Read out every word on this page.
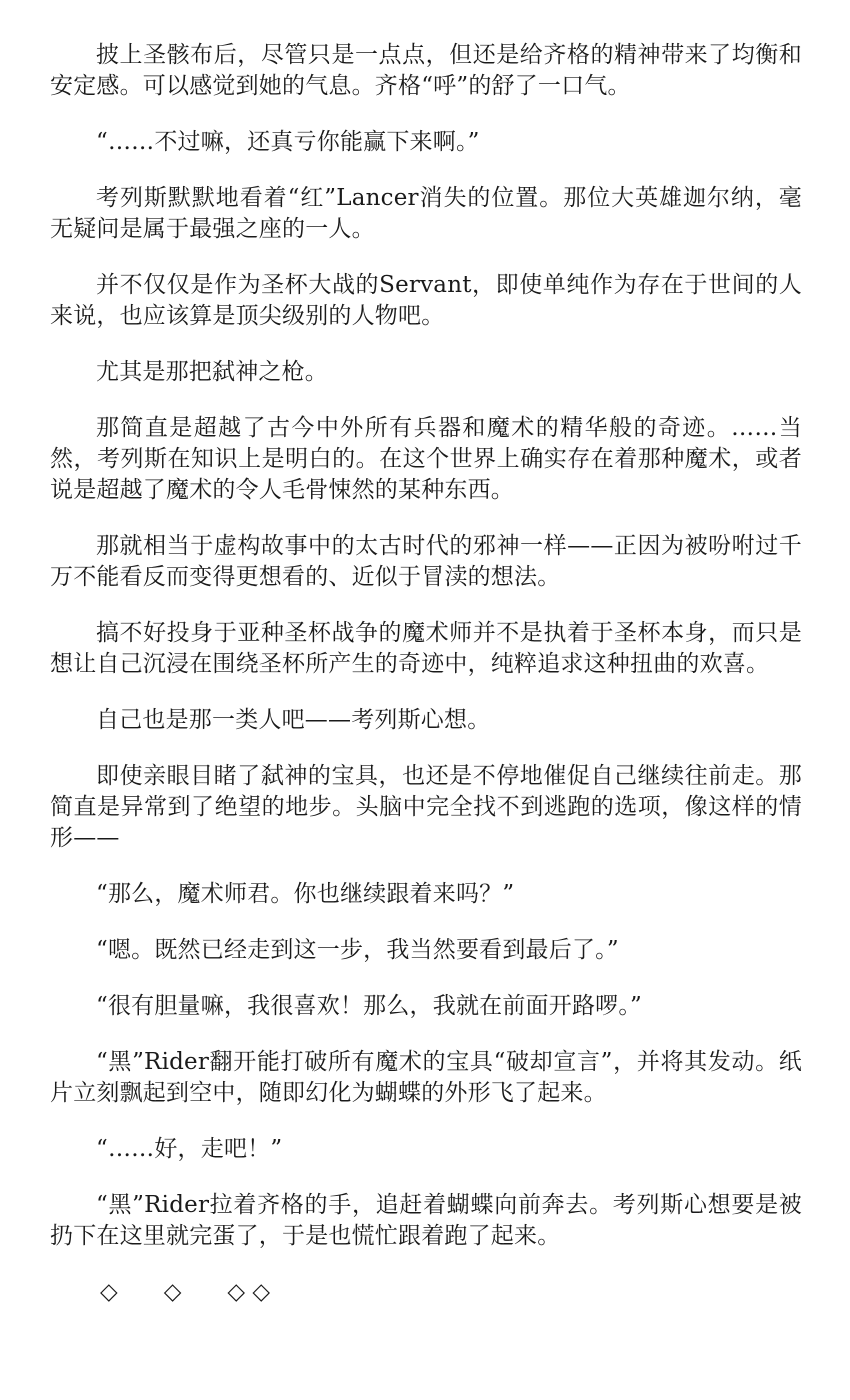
披上圣骸布后，尽管只是一点点，但还是给齐格的精神带来了均衡和安定感。可以感觉到她的气息。齐格“呼”的舒了一口气。

“……不过嘛，还真亏你能赢下来啊。”

考列斯默默地看着“红”Lancer消失的位置。那位大英雄迦尔纳，毫无疑问是属于最强之座的一人。

并不仅仅是作为圣杯大战的Servant，即使单纯作为存在于世间的人来说，也应该算是顶尖级别的人物吧。

尤其是那把弑神之枪。

那简直是超越了古今中外所有兵器和魔术的精华般的奇迹。……当然，考列斯在知识上是明白的。在这个世界上确实存在着那种魔术，或者说是超越了魔术的令人毛骨悚然的某种东西。

那就相当于虚构故事中的太古时代的邪神一样——正因为被吩咐过千万不能看反而变得更想看的、近似于冒渎的想法。

搞不好投身于亚种圣杯战争的魔术师并不是执着于圣杯本身，而只是想让自己沉浸在围绕圣杯所产生的奇迹中，纯粹追求这种扭曲的欢喜。

自己也是那一类人吧——考列斯心想。

即使亲眼目睹了弑神的宝具，也还是不停地催促自己继续往前走。那简直是异常到了绝望的地步。头脑中完全找不到逃跑的选项，像这样的情形——

“那么，魔术师君。你也继续跟着来吗？”

“嗯。既然已经走到这一步，我当然要看到最后了。”

“很有胆量嘛，我很喜欢！那么，我就在前面开路啰。”

“黑”Rider翻开能打破所有魔术的宝具“破却宣言”，并将其发动。纸片立刻飘起到空中，随即幻化为蝴蝶的外形飞了起来。

“……好，走吧！”

“黑”Rider拉着齐格的手，追赶着蝴蝶向前奔去。考列斯心想要是被扔下在这里就完蛋了，于是也慌忙跟着跑了起来。

◇　　◇　　◇ ◇
